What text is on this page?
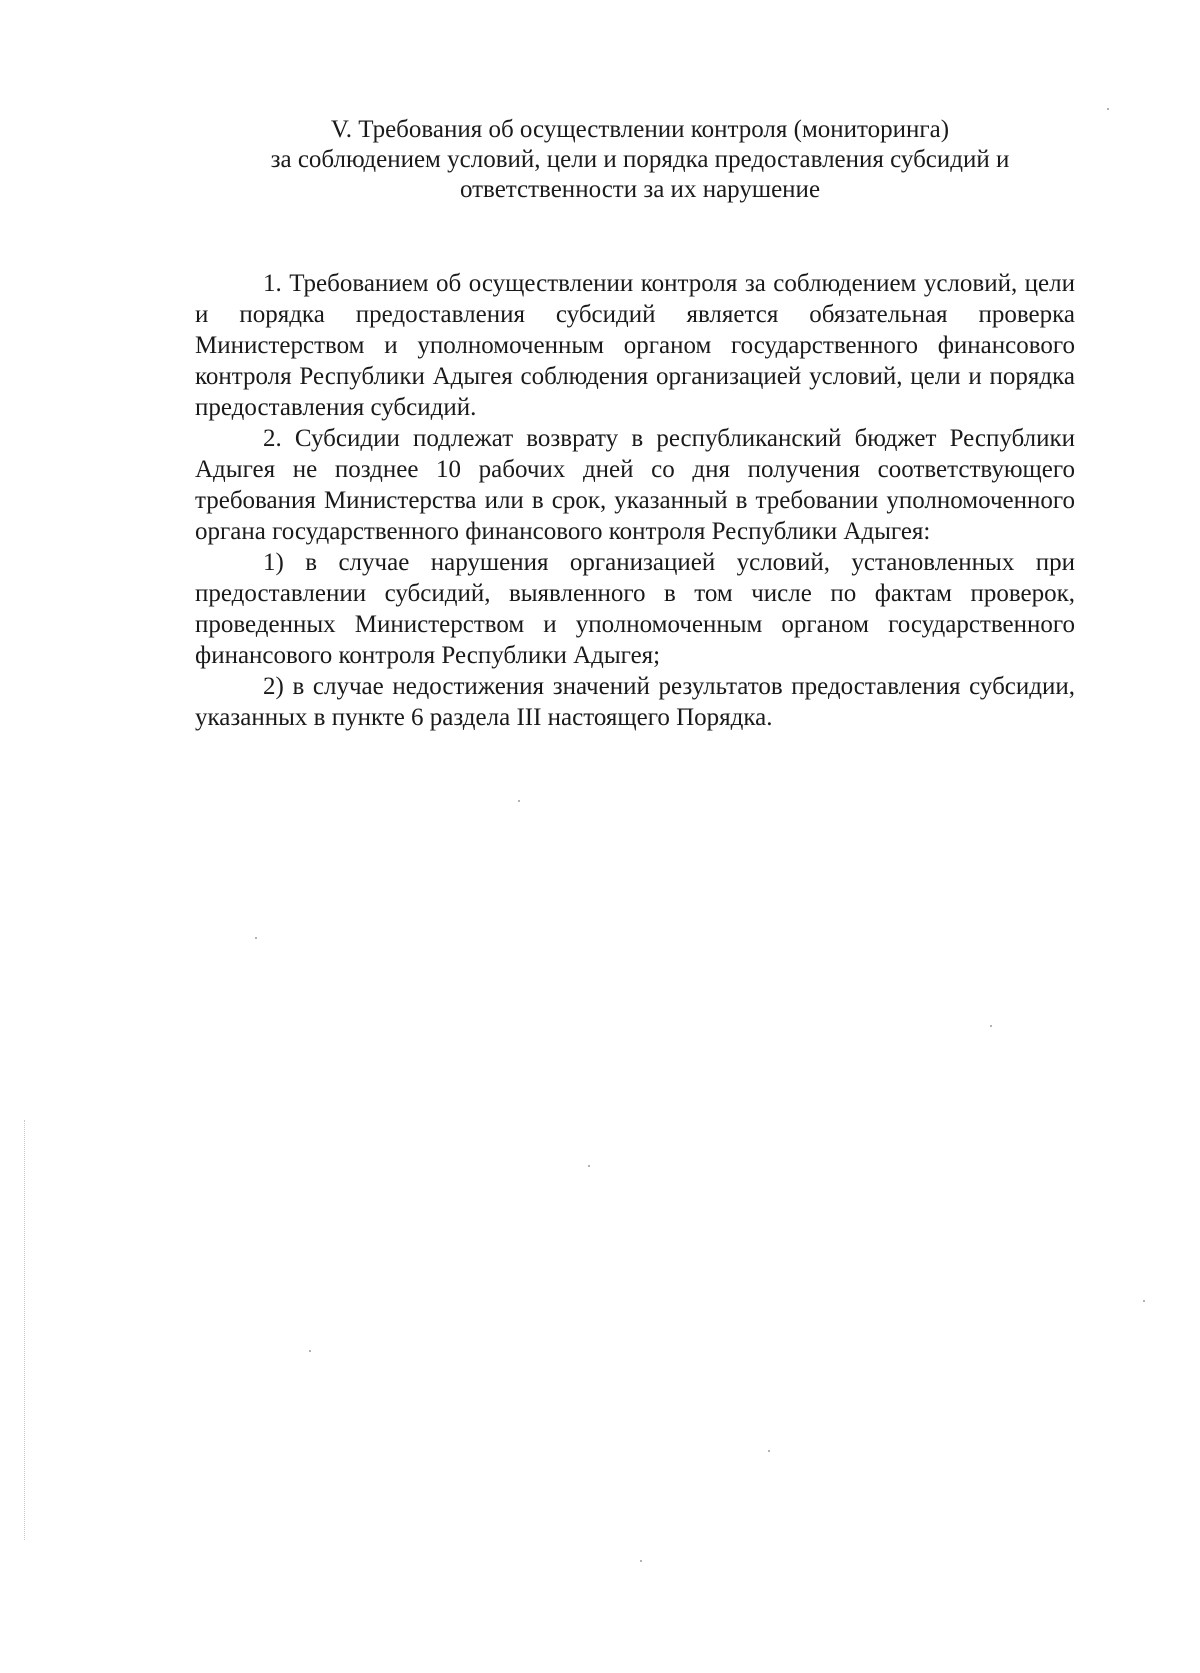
V. Требования об осуществлении контроля (мониторинга)
за соблюдением условий, цели и порядка предоставления субсидий и
ответственности за их нарушение

1. Требованием об осуществлении контроля за соблюдением условий, цели и порядка предоставления субсидий является обязательная проверка Министерством и уполномоченным органом государственного финансового контроля Республики Адыгея соблюдения организацией условий, цели и порядка предоставления субсидий.

2. Субсидии подлежат возврату в республиканский бюджет Республики Адыгея не позднее 10 рабочих дней со дня получения соответствующего требования Министерства или в срок, указанный в требовании уполномоченного органа государственного финансового контроля Республики Адыгея:

1) в случае нарушения организацией условий, установленных при предоставлении субсидий, выявленного в том числе по фактам проверок, проведенных Министерством и уполномоченным органом государственного финансового контроля Республики Адыгея;

2) в случае недостижения значений результатов предоставления субсидии, указанных в пункте 6 раздела III настоящего Порядка.
